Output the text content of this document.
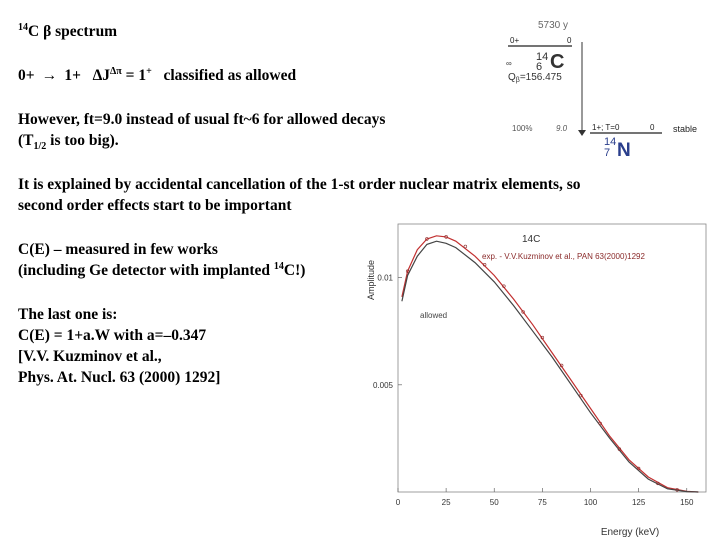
$^{14}$C β spectrum
$0+ \to 1+ \Delta J^{\Delta\pi} = 1^+$ classified as allowed
However, ft=9.0 instead of usual ft~6 for allowed decays
($T_{1/2}$ is too big).
It is explained by accidental cancellation of the 1-st order nuclear matrix elements, so
second order effects start to be important
C(E) – measured in few works
(including Ge detector with implanted $^{14}$C!)
The last one is:
C(E) = 1+a.W with a=–0.347
[V.V. Kuzminov et al.,
Phys. At. Nucl. 63 (2000) 1292]
5730 y
0+	0
14
6 C
∞
$Q_\beta=156.475$
100%	9.0	1+; T=0	0 stable
14
7 N
Amplitude
Energy (keV)
14C
exp. - V.V.Kuzminov et al., PAN 63(2000)1292
allowed
0	25	50	75	100	125	150
0.005
0.01
